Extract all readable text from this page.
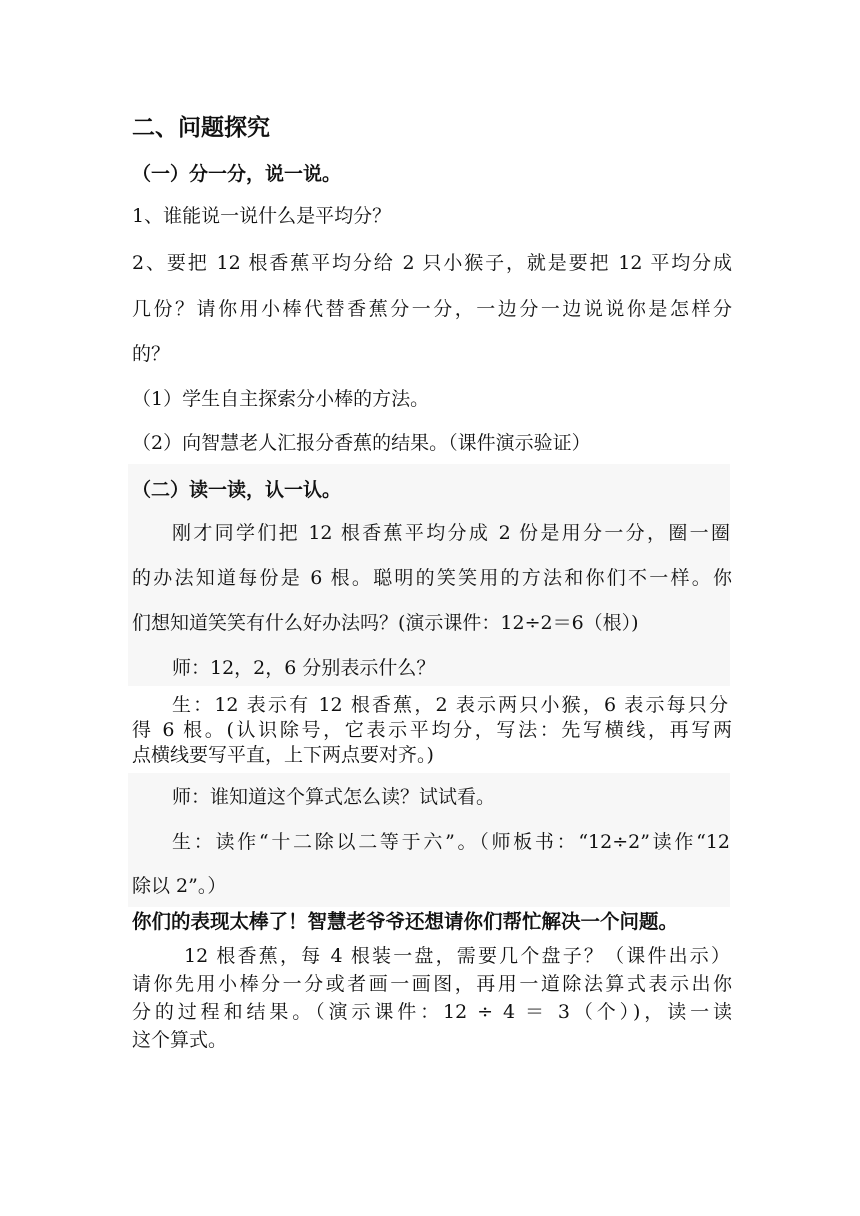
二、问题探究
（一）分一分，说一说。
1、谁能说一说什么是平均分？
2、要把 12 根香蕉平均分给 2 只小猴子，就是要把 12 平均分成
几份？请你用小棒代替香蕉分一分，一边分一边说说你是怎样分
的？
（1）学生自主探索分小棒的方法。
（2）向智慧老人汇报分香蕉的结果。（课件演示验证）
（二）读一读，认一认。
刚才同学们把 12 根香蕉平均分成 2 份是用分一分，圈一圈
的办法知道每份是 6 根。聪明的笑笑用的方法和你们不一样。你
们想知道笑笑有什么好办法吗？(演示课件：12÷2＝6（根）)
师：12，2，6 分别表示什么？
生：12 表示有 12 根香蕉，2 表示两只小猴，6 表示每只分
得 6 根。(认识除号，它表示平均分，写法：先写横线，再写两
点横线要写平直，上下两点要对齐。)
师：谁知道这个算式怎么读？试试看。
生：读作“十二除以二等于六”。（师板书：“12÷2”读作“12
除以 2”。）
你们的表现太棒了！智慧老爷爷还想请你们帮忙解决一个问题。
12 根香蕉，每 4 根装一盘，需要几个盘子？（课件出示）
请你先用小棒分一分或者画一画图，再用一道除法算式表示出你
分的过程和结果。（演示课件：12 ÷ 4 ＝ 3（个）)，读一读
这个算式。
